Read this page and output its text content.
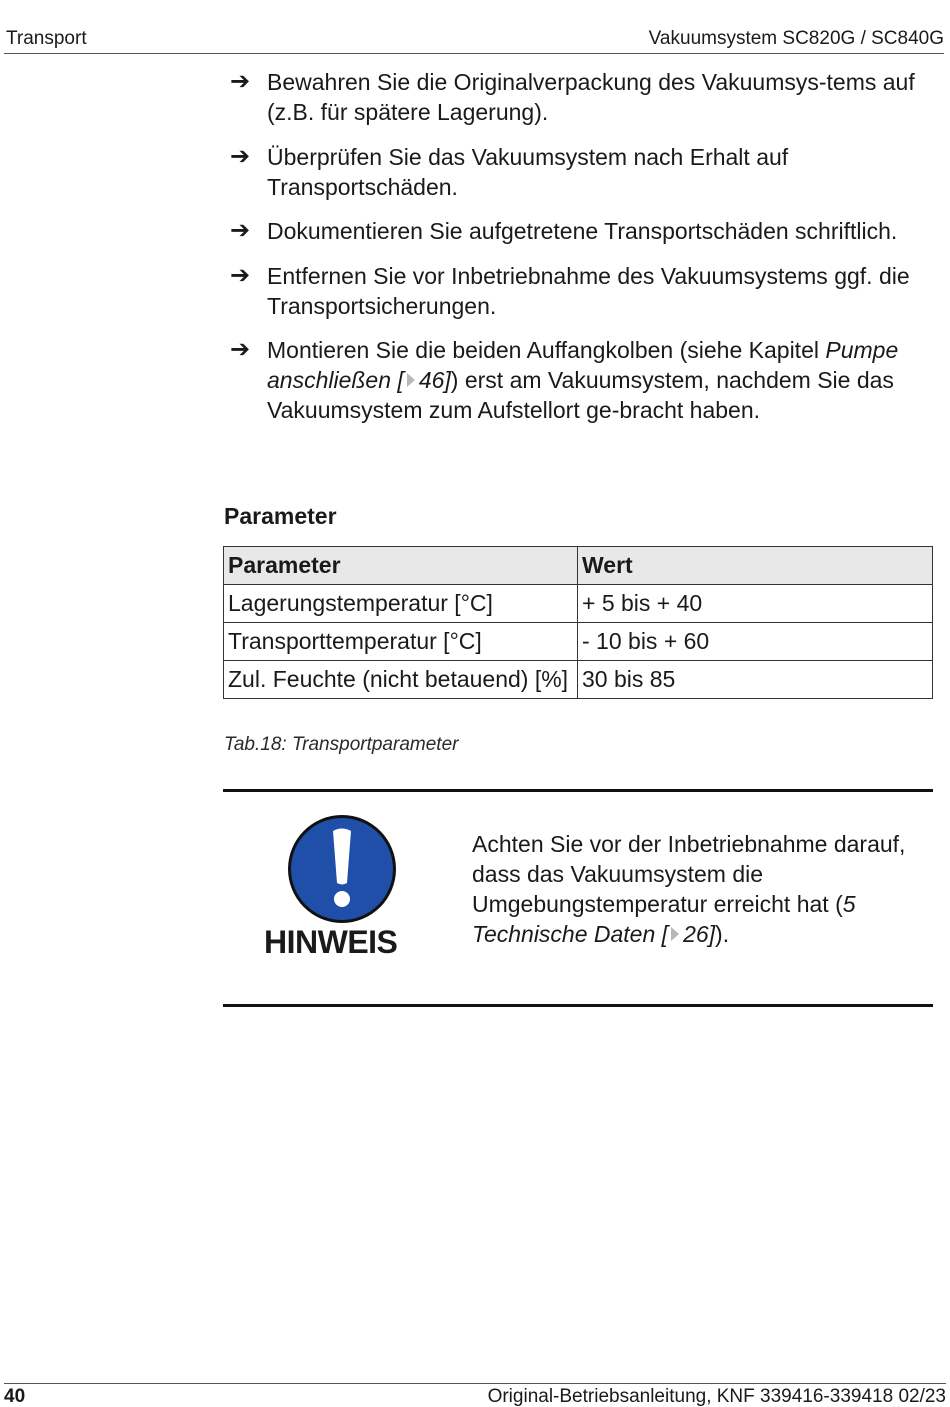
Transport	Vakuumsystem SC820G / SC840G
➔ Bewahren Sie die Originalverpackung des Vakuumsys-tems auf (z.B. für spätere Lagerung).
➔ Überprüfen Sie das Vakuumsystem nach Erhalt auf Transportschäden.
➔ Dokumentieren Sie aufgetretene Transportschäden schriftlich.
➔ Entfernen Sie vor Inbetriebnahme des Vakuumsystems ggf. die Transportsicherungen.
➔ Montieren Sie die beiden Auffangkolben (siehe Kapitel Pumpe anschließen [ 46]) erst am Vakuumsystem, nachdem Sie das Vakuumsystem zum Aufstellort ge-bracht haben.
Parameter
Parameter	Wert
Lagerungstemperatur [°C]	+ 5 bis + 40
Transporttemperatur [°C]	- 10 bis + 60
Zul. Feuchte (nicht betauend) [%]	30 bis 85
Tab.18: Transportparameter
HINWEIS
Achten Sie vor der Inbetriebnahme darauf, dass das Vakuumsystem die Umgebungstemperatur erreicht hat (5 Technische Daten [ 26]).
40	Original-Betriebsanleitung, KNF 339416-339418 02/23
